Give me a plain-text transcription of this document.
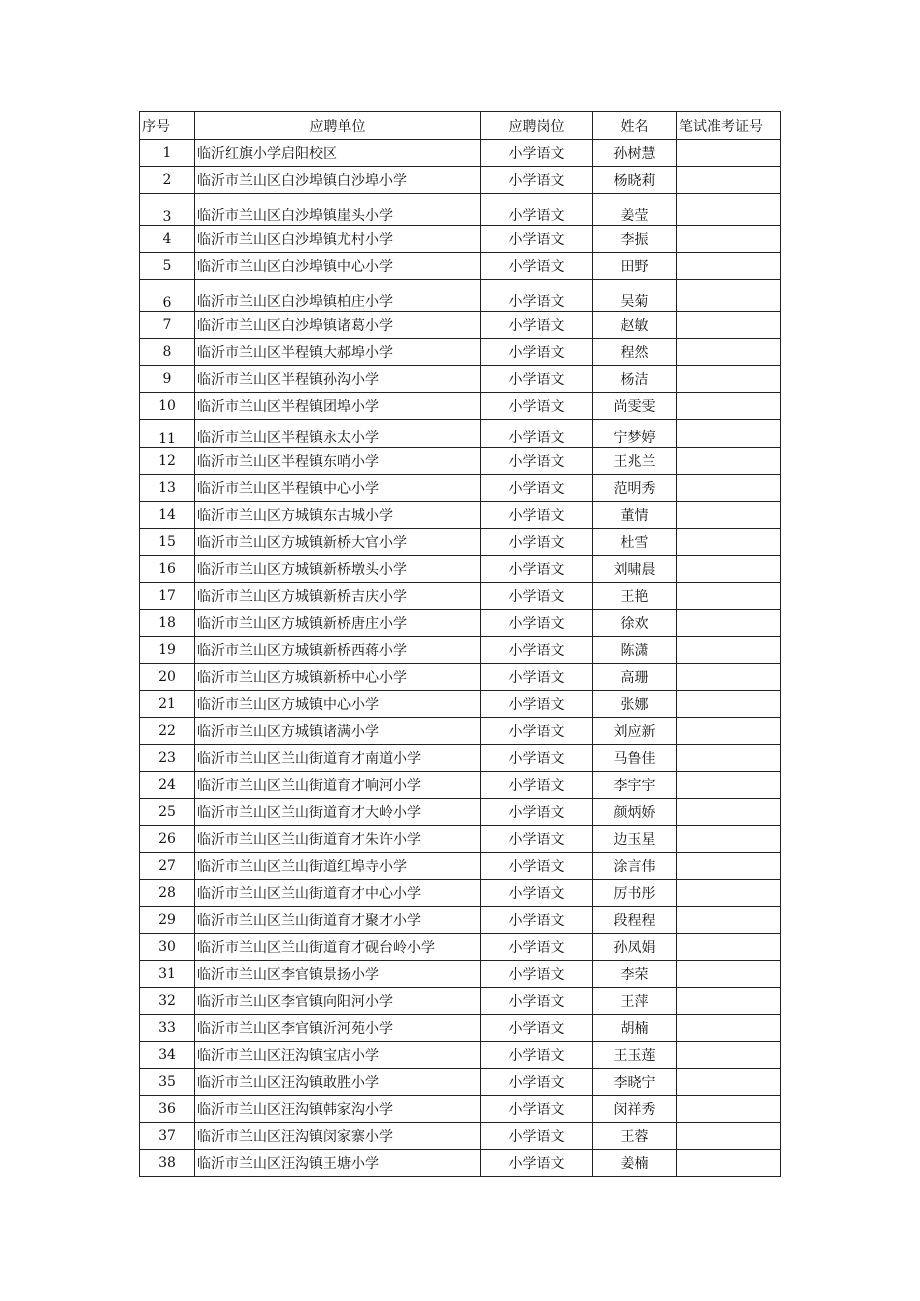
序号	应聘单位	应聘岗位	姓名	笔试准考证号
1	临沂红旗小学启阳校区	小学语文	孙树慧	
2	临沂市兰山区白沙埠镇白沙埠小学	小学语文	杨晓莉	
3	临沂市兰山区白沙埠镇崖头小学	小学语文	姜莹	
4	临沂市兰山区白沙埠镇尤村小学	小学语文	李振	
5	临沂市兰山区白沙埠镇中心小学	小学语文	田野	
6	临沂市兰山区白沙埠镇柏庄小学	小学语文	吴菊	
7	临沂市兰山区白沙埠镇诸葛小学	小学语文	赵敏	
8	临沂市兰山区半程镇大郝埠小学	小学语文	程然	
9	临沂市兰山区半程镇孙沟小学	小学语文	杨洁	
10	临沂市兰山区半程镇团埠小学	小学语文	尚雯雯	
11	临沂市兰山区半程镇永太小学	小学语文	宁梦婷	
12	临沂市兰山区半程镇东哨小学	小学语文	王兆兰	
13	临沂市兰山区半程镇中心小学	小学语文	范明秀	
14	临沂市兰山区方城镇东古城小学	小学语文	董情	
15	临沂市兰山区方城镇新桥大官小学	小学语文	杜雪	
16	临沂市兰山区方城镇新桥墩头小学	小学语文	刘啸晨	
17	临沂市兰山区方城镇新桥吉庆小学	小学语文	王艳	
18	临沂市兰山区方城镇新桥唐庄小学	小学语文	徐欢	
19	临沂市兰山区方城镇新桥西蒋小学	小学语文	陈潇	
20	临沂市兰山区方城镇新桥中心小学	小学语文	高珊	
21	临沂市兰山区方城镇中心小学	小学语文	张娜	
22	临沂市兰山区方城镇诸满小学	小学语文	刘应新	
23	临沂市兰山区兰山街道育才南道小学	小学语文	马鲁佳	
24	临沂市兰山区兰山街道育才响河小学	小学语文	李宇宇	
25	临沂市兰山区兰山街道育才大岭小学	小学语文	颜炳娇	
26	临沂市兰山区兰山街道育才朱许小学	小学语文	边玉星	
27	临沂市兰山区兰山街道红埠寺小学	小学语文	涂言伟	
28	临沂市兰山区兰山街道育才中心小学	小学语文	厉书彤	
29	临沂市兰山区兰山街道育才聚才小学	小学语文	段程程	
30	临沂市兰山区兰山街道育才砚台岭小学	小学语文	孙凤娟	
31	临沂市兰山区李官镇景扬小学	小学语文	李荣	
32	临沂市兰山区李官镇向阳河小学	小学语文	王萍	
33	临沂市兰山区李官镇沂河苑小学	小学语文	胡楠	
34	临沂市兰山区汪沟镇宝店小学	小学语文	王玉莲	
35	临沂市兰山区汪沟镇敢胜小学	小学语文	李晓宁	
36	临沂市兰山区汪沟镇韩家沟小学	小学语文	闵祥秀	
37	临沂市兰山区汪沟镇闵家寨小学	小学语文	王蓉	
38	临沂市兰山区汪沟镇王塘小学	小学语文	姜楠	
